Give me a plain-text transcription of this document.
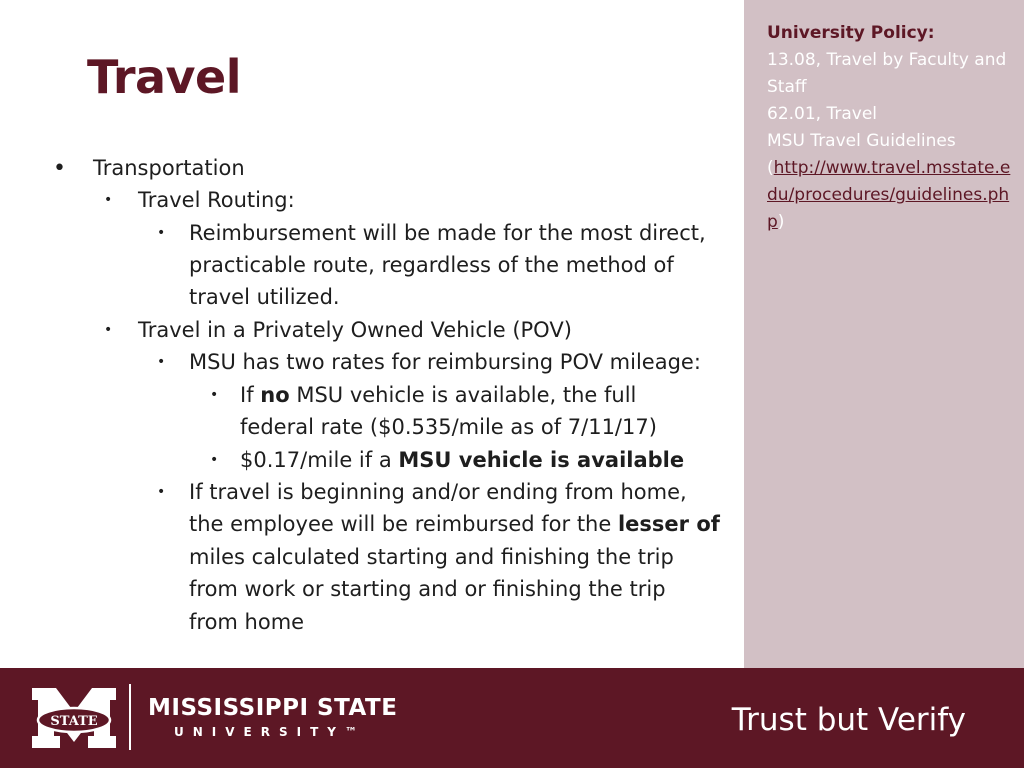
Travel
• Transportation
• Travel Routing:
• Reimbursement will be made for the most direct,
practicable route, regardless of the method of
travel utilized.
• Travel in a Privately Owned Vehicle (POV)
• MSU has two rates for reimbursing POV mileage:
• If no MSU vehicle is available, the full
federal rate ($0.535/mile as of 7/11/17)
• $0.17/mile if a MSU vehicle is available
• If travel is beginning and/or ending from home,
the employee will be reimbursed for the lesser of
miles calculated starting and finishing the trip
from work or starting and or finishing the trip
from home
University Policy:
13.08, Travel by Faculty and Staff
62.01, Travel
MSU Travel Guidelines
(http://www.travel.msstate.edu/procedures/guidelines.php)
STATE
MISSISSIPPI STATE
UNIVERSITY™	Trust but Verify
